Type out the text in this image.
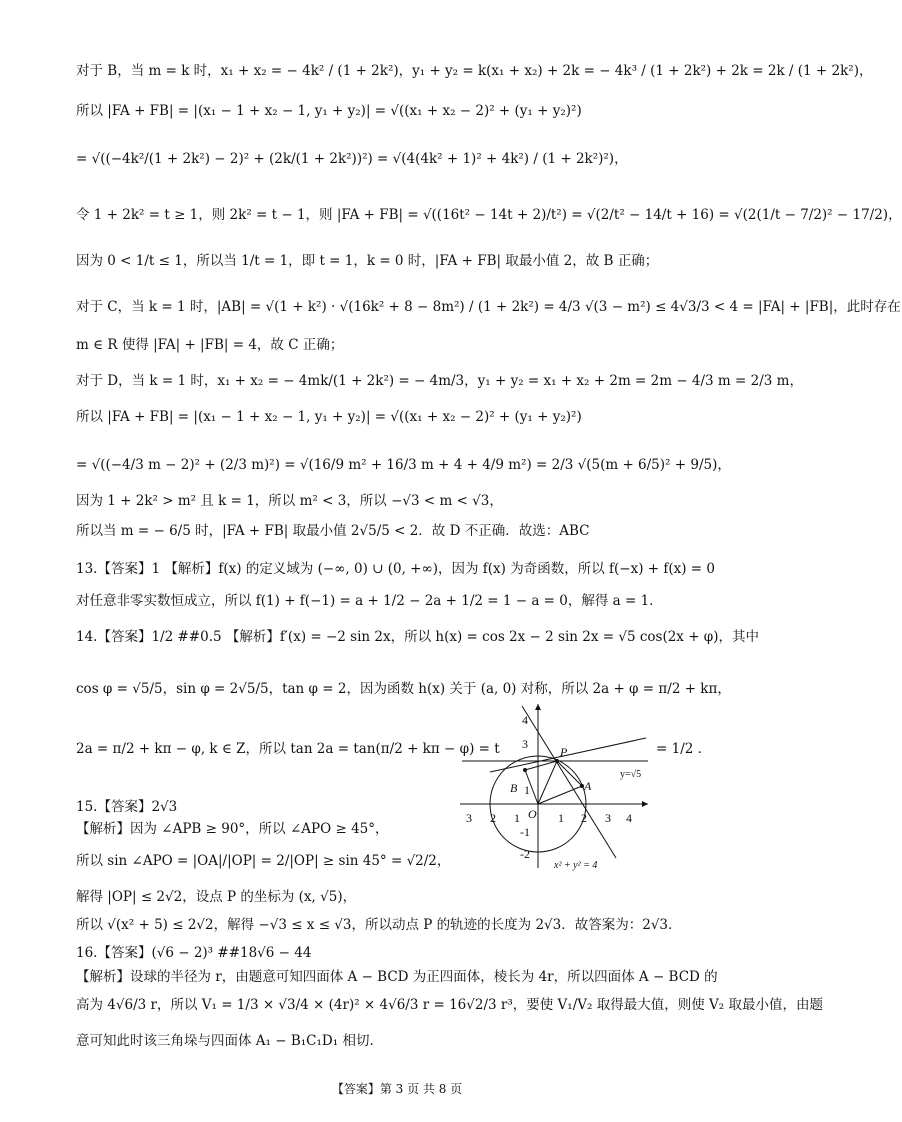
对于 B，当 m = k 时，x₁ + x₂ = − 4k² / (1 + 2k²)，y₁ + y₂ = k(x₁ + x₂) + 2k = − 4k³ / (1 + 2k²) + 2k = 2k / (1 + 2k²)，
所以 |FA + FB| = |(x₁ − 1 + x₂ − 1, y₁ + y₂)| = √((x₁ + x₂ − 2)² + (y₁ + y₂)²)
= √((−4k²/(1 + 2k²) − 2)² + (2k/(1 + 2k²))²) = √(4(4k² + 1)² + 4k²) / (1 + 2k²)²)，
令 1 + 2k² = t ≥ 1，则 2k² = t − 1，则 |FA + FB| = √((16t² − 14t + 2)/t²) = √(2/t² − 14/t + 16) = √(2(1/t − 7/2)² − 17/2)，
因为 0 < 1/t ≤ 1，所以当 1/t = 1，即 t = 1，k = 0 时，|FA + FB| 取最小值 2，故 B 正确；
对于 C，当 k = 1 时，|AB| = √(1 + k²) · √(16k² + 8 − 8m²) / (1 + 2k²) = 4/3 √(3 − m²) ≤ 4√3/3 < 4 = |FA| + |FB|，此时存在
m ∈ R 使得 |FA| + |FB| = 4，故 C 正确；
对于 D，当 k = 1 时，x₁ + x₂ = − 4mk/(1 + 2k²) = − 4m/3，y₁ + y₂ = x₁ + x₂ + 2m = 2m − 4/3 m = 2/3 m，
所以 |FA + FB| = |(x₁ − 1 + x₂ − 1, y₁ + y₂)| = √((x₁ + x₂ − 2)² + (y₁ + y₂)²)
= √((−4/3 m − 2)² + (2/3 m)²) = √(16/9 m² + 16/3 m + 4 + 4/9 m²) = 2/3 √(5(m + 6/5)² + 9/5)，
因为 1 + 2k² > m² 且 k = 1，所以 m² < 3，所以 −√3 < m < √3，
所以当 m = − 6/5 时，|FA + FB| 取最小值 2√5/5 < 2．故 D 不正确．故选：ABC
13.【答案】1 【解析】f(x) 的定义域为 (−∞, 0) ∪ (0, +∞)，因为 f(x) 为奇函数，所以 f(−x) + f(x) = 0
对任意非零实数恒成立，所以 f(1) + f(−1) = a + 1/2 − 2a + 1/2 = 1 − a = 0，解得 a = 1．
14.【答案】1/2 ##0.5 【解析】f′(x) = −2 sin 2x，所以 h(x) = cos 2x − 2 sin 2x = √5 cos(2x + φ)，其中
cos φ = √5/5，sin φ = 2√5/5，tan φ = 2，因为函数 h(x) 关于 (a, 0) 对称，所以 2a + φ = π/2 + kπ，
2a = π/2 + kπ − φ, k ∈ Z，所以 tan 2a = tan(π/2 + kπ − φ) = t	= 1/2 ．
15.【答案】2√3
【解析】因为 ∠APB ≥ 90°，所以 ∠APO ≥ 45°，
所以 sin ∠APO = |OA|/|OP| = 2/|OP| ≥ sin 45° = √2/2，
解得 |OP| ≤ 2√2，设点 P 的坐标为 (x, √5)，
所以 √(x² + 5) ≤ 2√2，解得 −√3 ≤ x ≤ √3，所以动点 P 的轨迹的长度为 2√3．故答案为：2√3．
16.【答案】(√6 − 2)³ ##18√6 − 44
【解析】设球的半径为 r，由题意可知四面体 A − BCD 为正四面体，棱长为 4r，所以四面体 A − BCD 的
高为 4√6/3 r，所以 V₁ = 1/3 × √3/4 × (4r)² × 4√6/3 r = 16√2/3 r³，要使 V₁/V₂ 取得最大值，则使 V₂ 取最小值，由题
意可知此时该三角垛与四面体 A₁ − B₁C₁D₁ 相切．
P
A
B
y=√5
x² + y² = 4
3 2 1 O 1 2 3 4
4
3
1
-1
-2
【答案】第 3 页 共 8 页
